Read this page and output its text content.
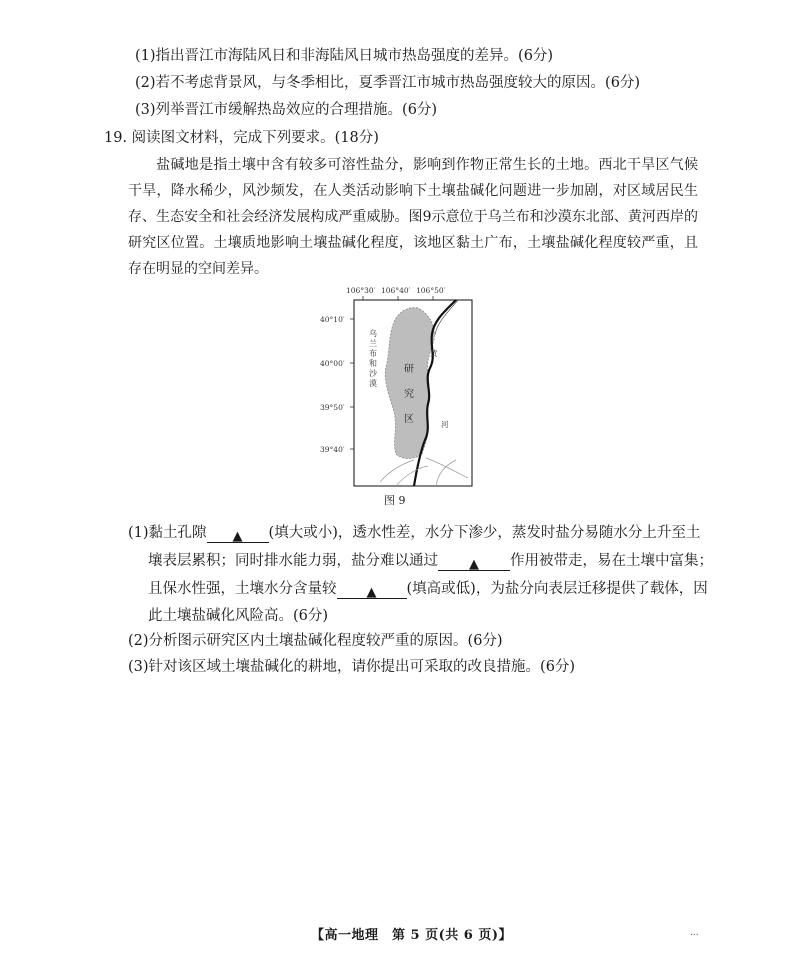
(1)指出晋江市海陆风日和非海陆风日城市热岛强度的差异。(6分)
(2)若不考虑背景风，与冬季相比，夏季晋江市城市热岛强度较大的原因。(6分)
(3)列举晋江市缓解热岛效应的合理措施。(6分)
19. 阅读图文材料，完成下列要求。(18分)
盐碱地是指土壤中含有较多可溶性盐分，影响到作物正常生长的土地。西北干旱区气候干旱，降水稀少，风沙频发，在人类活动影响下土壤盐碱化问题进一步加剧，对区域居民生存、生态安全和社会经济发展构成严重威胁。图9示意位于乌兰布和沙漠东北部、黄河西岸的研究区位置。土壤质地影响土壤盐碱化程度，该地区黏土广布，土壤盐碱化程度较严重，且存在明显的空间差异。
106°30′ 106°40′ 106°50′
40°10′
40°00′
39°50′
39°40′
乌
兰
布
和
沙
漠
研
究
区
黄
河
图 9
(1)黏土孔隙 ▲ (填大或小)，透水性差，水分下渗少，蒸发时盐分易随水分上升至土
壤表层累积；同时排水能力弱，盐分难以通过 ▲ 作用被带走，易在土壤中富集；
且保水性强，土壤水分含量较 ▲ (填高或低)，为盐分向表层迁移提供了载体，因
此土壤盐碱化风险高。(6分)
(2)分析图示研究区内土壤盐碱化程度较严重的原因。(6分)
(3)针对该区域土壤盐碱化的耕地，请你提出可采取的改良措施。(6分)
【高一地理　第 5 页(共 6 页)】	...
